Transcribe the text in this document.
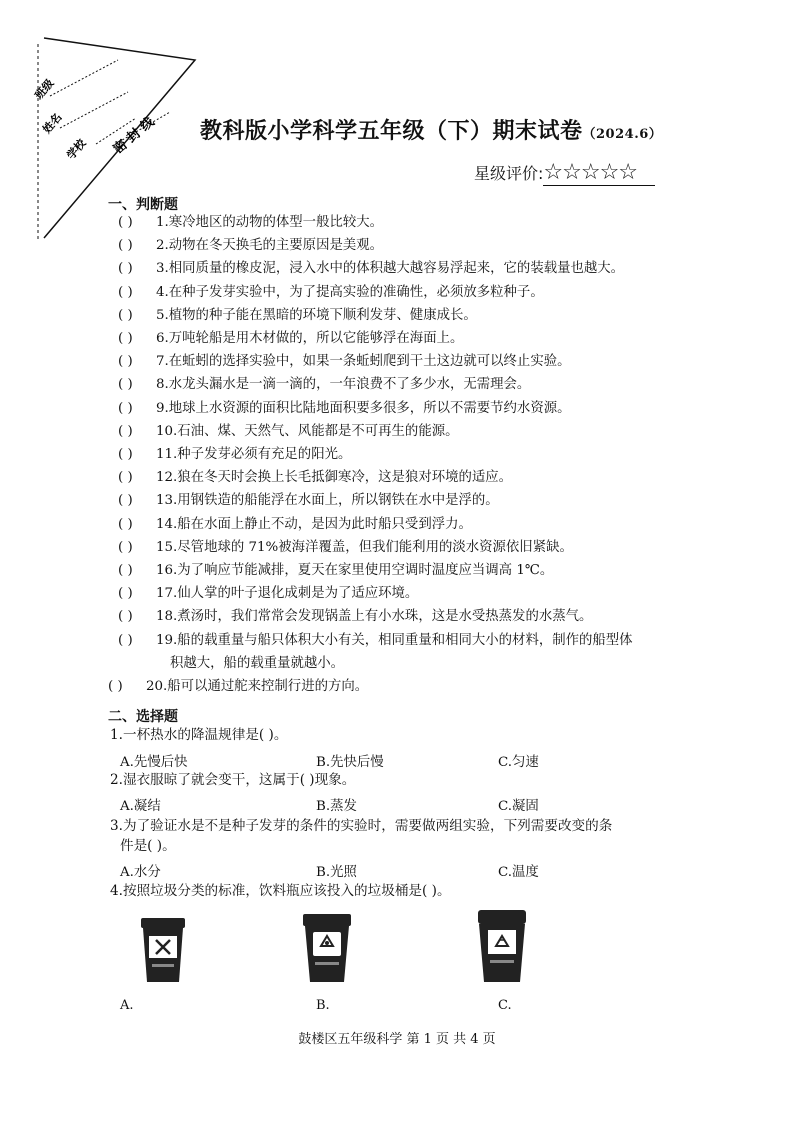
班级
姓名
学校 密 封 线 教科版小学科学五年级（下）期末试卷（2024.6）
星级评价:☆☆☆☆☆
一、判断题
( ) 1.寒冷地区的动物的体型一般比较大。
( ) 2.动物在冬天换毛的主要原因是美观。
( ) 3.相同质量的橡皮泥，浸入水中的体积越大越容易浮起来，它的装载量也越大。
( ) 4.在种子发芽实验中，为了提高实验的准确性，必须放多粒种子。
( ) 5.植物的种子能在黑暗的环境下顺利发芽、健康成长。
( ) 6.万吨轮船是用木材做的，所以它能够浮在海面上。
( ) 7.在蚯蚓的选择实验中，如果一条蚯蚓爬到干土这边就可以终止实验。
( ) 8.水龙头漏水是一滴一滴的，一年浪费不了多少水，无需理会。
( ) 9.地球上水资源的面积比陆地面积要多很多，所以不需要节约水资源。
( ) 10.石油、煤、天然气、风能都是不可再生的能源。
( ) 11.种子发芽必须有充足的阳光。
( ) 12.狼在冬天时会换上长毛抵御寒冷，这是狼对环境的适应。
( ) 13.用钢铁造的船能浮在水面上，所以钢铁在水中是浮的。
( ) 14.船在水面上静止不动，是因为此时船只受到浮力。
( ) 15.尽管地球的 71%被海洋覆盖，但我们能利用的淡水资源依旧紧缺。
( ) 16.为了响应节能减排，夏天在家里使用空调时温度应当调高 1℃。
( ) 17.仙人掌的叶子退化成刺是为了适应环境。
( ) 18.煮汤时，我们常常会发现锅盖上有小水珠，这是水受热蒸发的水蒸气。
( ) 19.船的载重量与船只体积大小有关，相同重量和相同大小的材料，制作的船型体
积越大，船的载重量就越小。
( ) 20.船可以通过舵来控制行进的方向。
二、选择题
1.一杯热水的降温规律是( )。
A.先慢后快	B.先快后慢	C.匀速
2.湿衣服晾了就会变干，这属于( )现象。
A.凝结	B.蒸发	C.凝固
3.为了验证水是不是种子发芽的条件的实验时，需要做两组实验，下列需要改变的条
件是( )。
A.水分	B.光照	C.温度
4.按照垃圾分类的标准，饮料瓶应该投入的垃圾桶是( )。
A.	B.	C.
鼓楼区五年级科学 第 1 页 共 4 页
